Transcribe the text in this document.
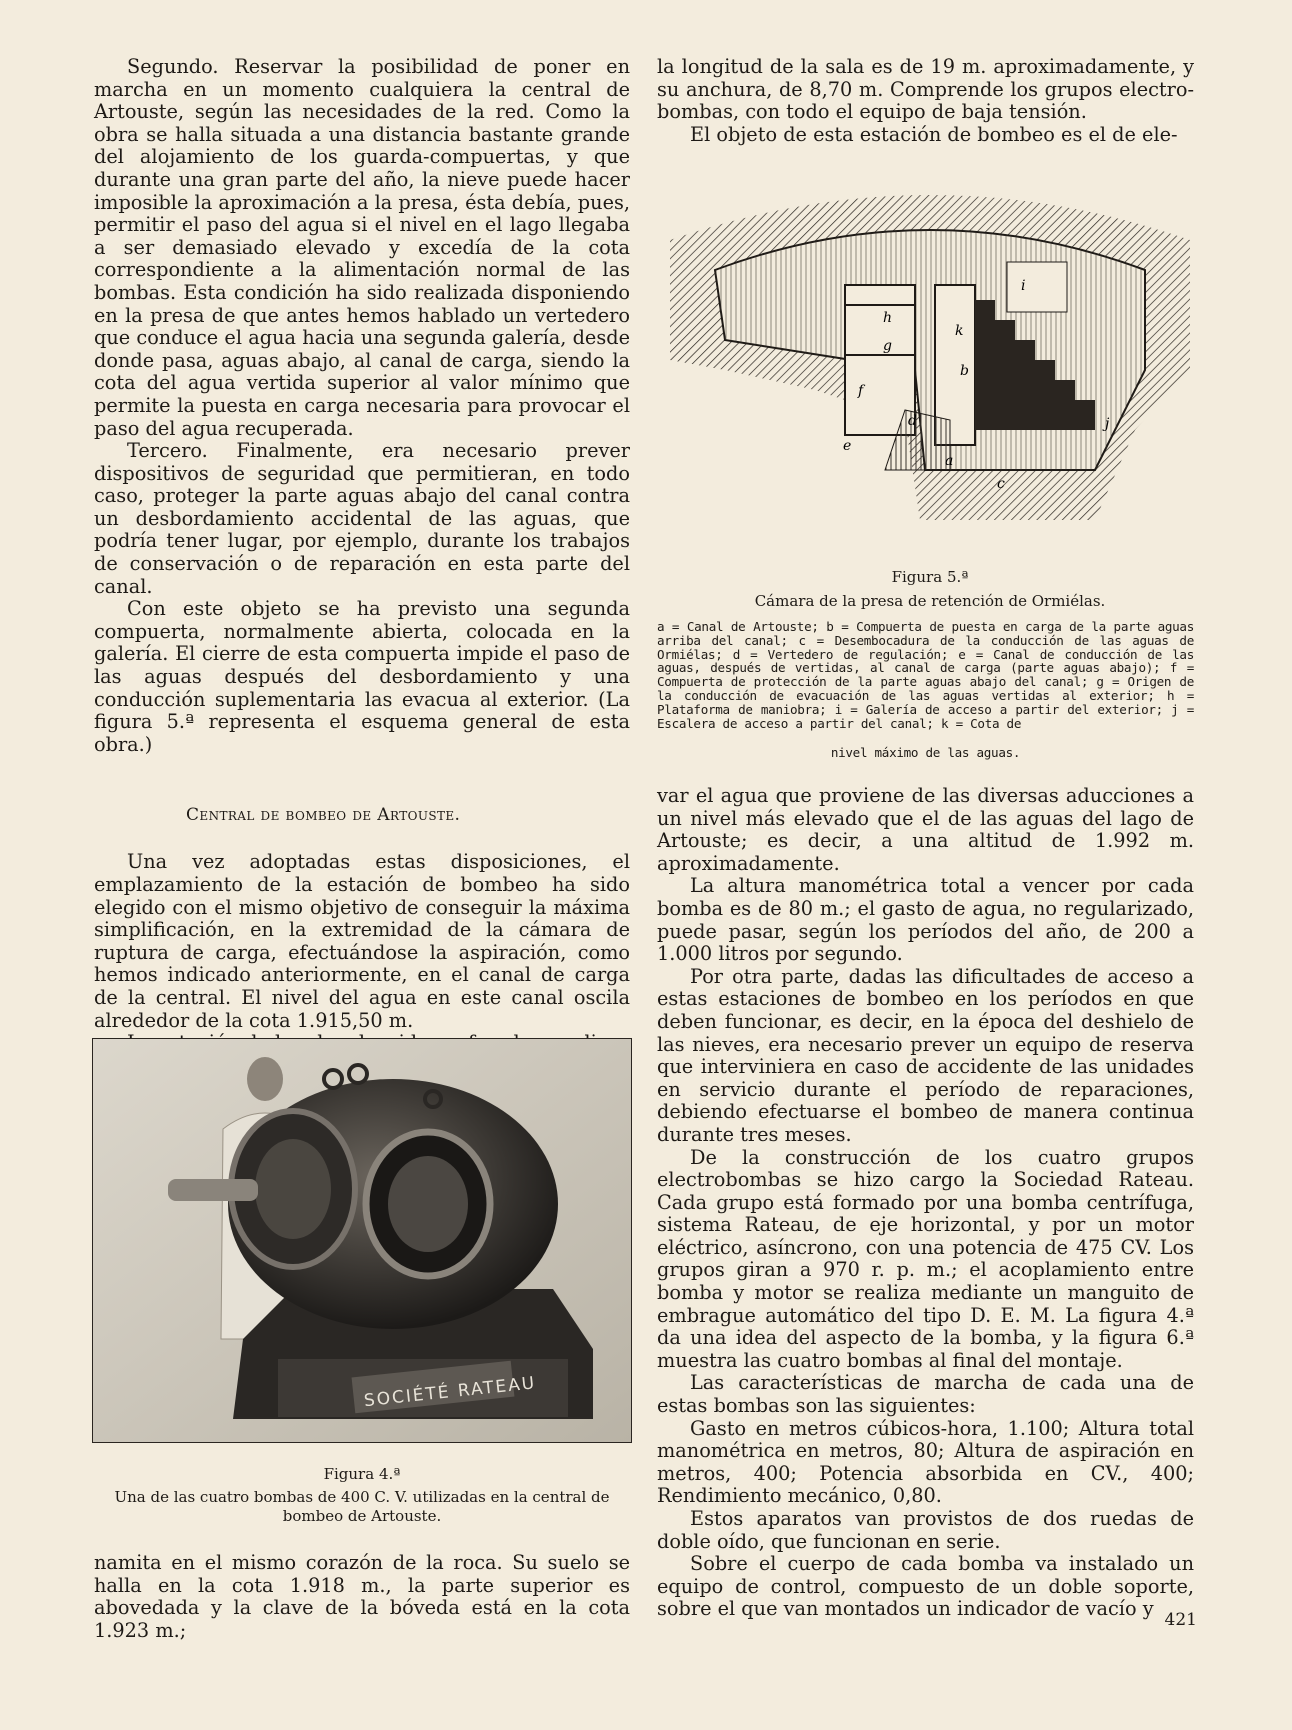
Segundo. Reservar la posibilidad de poner en marcha en un momento cualquiera la central de Artouste, según las necesidades de la red. Como la obra se halla situada a una distancia bastante grande del alojamiento de los guarda-compuertas, y que durante una gran parte del año, la nieve puede hacer imposible la aproximación a la presa, ésta debía, pues, permitir el paso del agua si el nivel en el lago llegaba a ser demasiado elevado y excedía de la cota correspondiente a la alimentación normal de las bombas. Esta condición ha sido realizada disponiendo en la presa de que antes hemos hablado un vertedero que conduce el agua hacia una segunda galería, desde donde pasa, aguas abajo, al canal de carga, siendo la cota del agua vertida superior al valor mínimo que permite la puesta en carga necesaria para provocar el paso del agua recuperada.

Tercero. Finalmente, era necesario prever dispositivos de seguridad que permitieran, en todo caso, proteger la parte aguas abajo del canal contra un desbordamiento accidental de las aguas, que podría tener lugar, por ejemplo, durante los trabajos de conservación o de reparación en esta parte del canal.

Con este objeto se ha previsto una segunda compuerta, normalmente abierta, colocada en la galería. El cierre de esta compuerta impide el paso de las aguas después del desbordamiento y una conducción suplementaria las evacua al exterior. (La figura 5.ª representa el esquema general de esta obra.)

Central de bombeo de Artouste.

Una vez adoptadas estas disposiciones, el emplazamiento de la estación de bombeo ha sido elegido con el mismo objetivo de conseguir la máxima simplificación, en la extremidad de la cámara de ruptura de carga, efectuándose la aspiración, como hemos indicado anteriormente, en el canal de carga de la central. El nivel del agua en este canal oscila alrededor de la cota 1.915,50 m.

SOCIÉTÉ RATEAU

Figura 4.ª

Una de las cuatro bombas de 400 C. V. utilizadas en la central de bombeo de Artouste.

namita en el mismo corazón de la roca. Su suelo se halla en la cota 1.918 m., la parte superior es abovedada y la clave de la bóveda está en la cota 1.923 m.;

la longitud de la sala es de 19 m. aproximadamente, y su anchura, de 8,70 m. Comprende los grupos electro-bombas, con todo el equipo de baja tensión.

El objeto de esta estación de bombeo es el de ele-

h
k
g
b
f
d
e
a
c
i
j

Figura 5.ª

Cámara de la presa de retención de Ormiélas.

a = Canal de Artouste; b = Compuerta de puesta en carga de la parte aguas arriba del canal; c = Desembocadura de la conducción de las aguas de Ormiélas; d = Vertedero de regulación; e = Canal de conducción de las aguas, después de vertidas, al canal de carga (parte aguas abajo); f = Compuerta de protección de la parte aguas abajo del canal; g = Origen de la conducción de evacuación de las aguas vertidas al exterior; h = Plataforma de maniobra; i = Galería de acceso a partir del exterior; j = Escalera de acceso a partir del canal; k = Cota de

nivel máximo de las aguas.

var el agua que proviene de las diversas aducciones a un nivel más elevado que el de las aguas del lago de Artouste; es decir, a una altitud de 1.992 m. aproximadamente.

La altura manométrica total a vencer por cada bomba es de 80 m.; el gasto de agua, no regularizado, puede pasar, según los períodos del año, de 200 a 1.000 litros por segundo.

Por otra parte, dadas las dificultades de acceso a estas estaciones de bombeo en los períodos en que deben funcionar, es decir, en la época del deshielo de las nieves, era necesario prever un equipo de reserva que interviniera en caso de accidente de las unidades en servicio durante el período de reparaciones, debiendo efectuarse el bombeo de manera continua durante tres meses.

De la construcción de los cuatro grupos electrobombas se hizo cargo la Sociedad Rateau. Cada grupo está formado por una bomba centrífuga, sistema Rateau, de eje horizontal, y por un motor eléctrico, asíncrono, con una potencia de 475 CV. Los grupos giran a 970 r. p. m.; el acoplamiento entre bomba y motor se realiza mediante un manguito de embrague automático del tipo D. E. M. La figura 4.ª da una idea del aspecto de la bomba, y la figura 6.ª muestra las cuatro bombas al final del montaje.

Las características de marcha de cada una de estas bombas son las siguientes:

Gasto en metros cúbicos-hora, 1.100; Altura total manométrica en metros, 80; Altura de aspiración en metros, 400; Potencia absorbida en CV., 400; Rendimiento mecánico, 0,80.

Estos aparatos van provistos de dos ruedas de doble oído, que funcionan en serie.

Sobre el cuerpo de cada bomba va instalado un equipo de control, compuesto de un doble soporte, sobre el que van montados un indicador de vacío y 421
